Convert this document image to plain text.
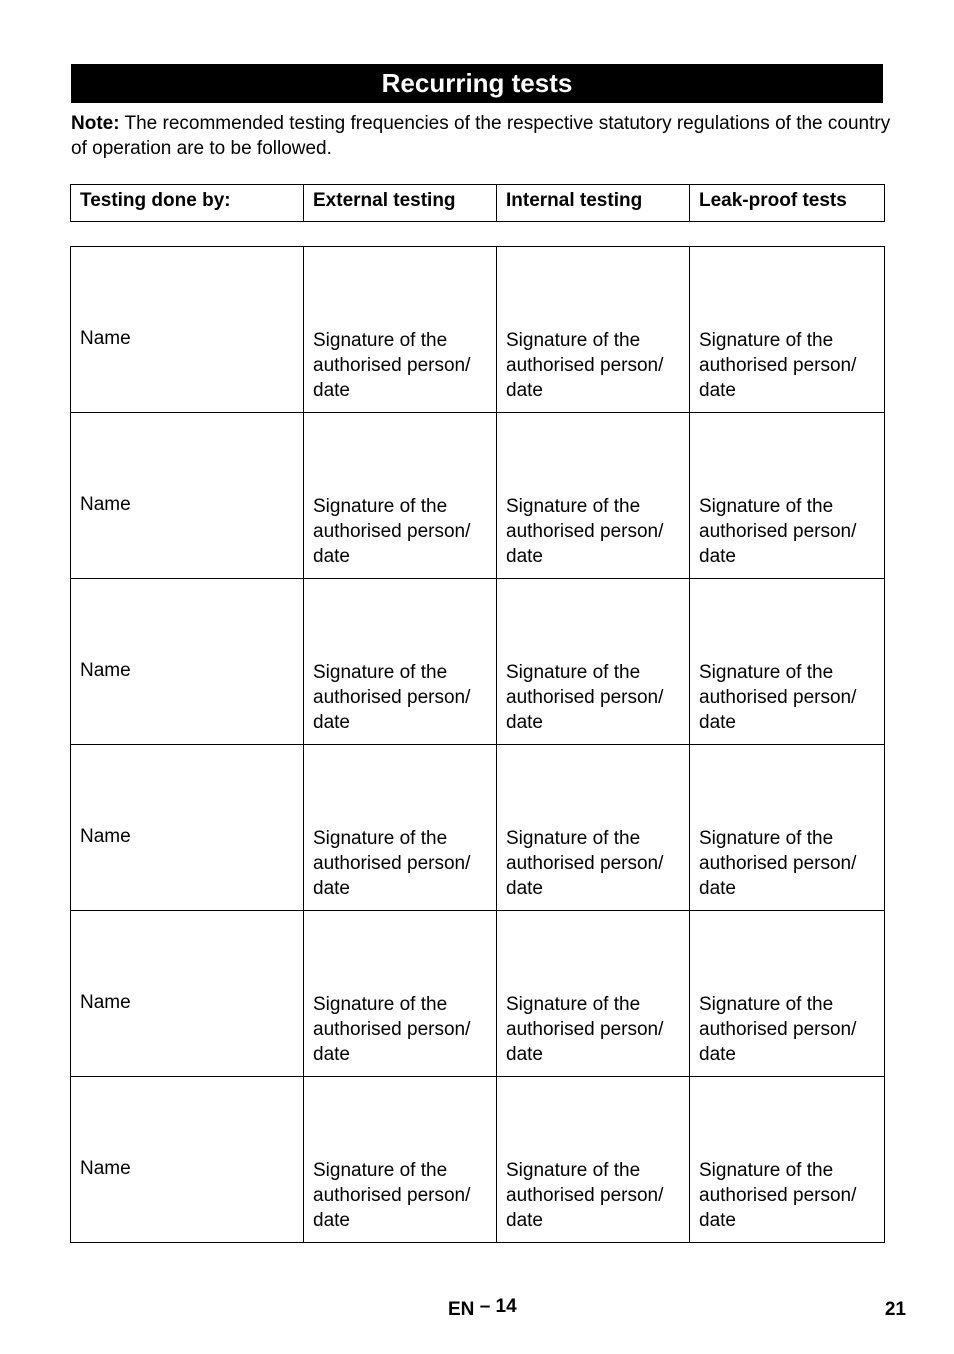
Recurring tests
Note: The recommended testing frequencies of the respective statutory regulations of the country of operation are to be followed.
Testing done by:	External testing	Internal testing	Leak-proof tests
Name	Signature of the authorised person/ date	Signature of the authorised person/ date	Signature of the authorised person/ date
Name	Signature of the authorised person/ date	Signature of the authorised person/ date	Signature of the authorised person/ date
Name	Signature of the authorised person/ date	Signature of the authorised person/ date	Signature of the authorised person/ date
Name	Signature of the authorised person/ date	Signature of the authorised person/ date	Signature of the authorised person/ date
Name	Signature of the authorised person/ date	Signature of the authorised person/ date	Signature of the authorised person/ date
Name	Signature of the authorised person/ date	Signature of the authorised person/ date	Signature of the authorised person/ date
EN – 14	21
